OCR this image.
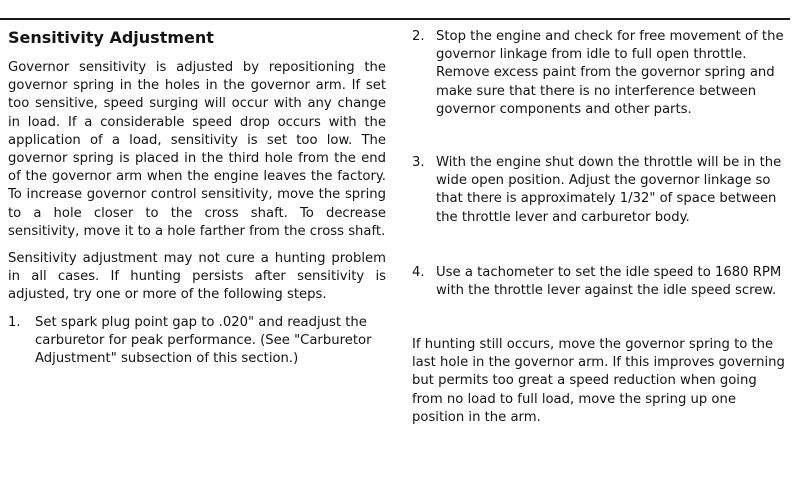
Sensitivity Adjustment

Governor sensitivity is adjusted by repositioning the governor spring in the holes in the governor arm. If set too sensitive, speed surging will occur with any change in load. If a considerable speed drop occurs with the application of a load, sensitivity is set too low. The governor spring is placed in the third hole from the end of the governor arm when the engine leaves the factory. To increase governor control sensitivity, move the spring to a hole closer to the cross shaft. To decrease sensitivity, move it to a hole farther from the cross shaft.

Sensitivity adjustment may not cure a hunting problem in all cases. If hunting persists after sensitivity is adjusted, try one or more of the following steps.

1.	Set spark plug point gap to .020" and readjust the carburetor for peak performance. (See "Carburetor Adjustment" subsection of this section.)
2. Stop the engine and check for free movement of the governor linkage from idle to full open throttle. Remove excess paint from the governor spring and make sure that there is no interference between governor components and other parts.
3. With the engine shut down the throttle will be in the wide open position. Adjust the governor linkage so that there is approximately 1/32" of space between the throttle lever and carburetor body.
4. Use a tachometer to set the idle speed to 1680 RPM with the throttle lever against the idle speed screw.

If hunting still occurs, move the governor spring to the last hole in the governor arm. If this improves governing but permits too great a speed reduction when going from no load to full load, move the spring up one position in the arm.
